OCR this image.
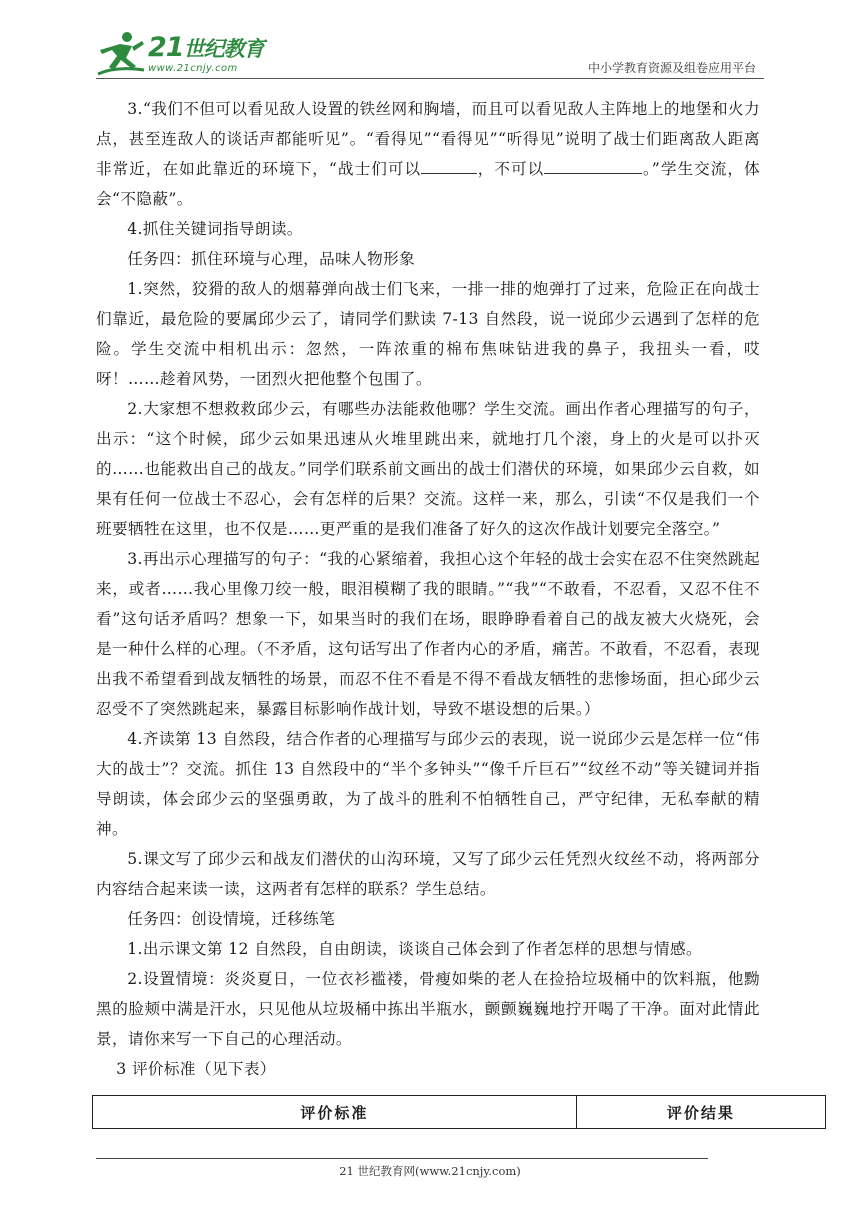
21世纪教育
www.21cnjy.com	中小学教育资源及组卷应用平台

3.“我们不但可以看见敌人设置的铁丝网和胸墙，而且可以看见敌人主阵地上的地堡和火力点，甚至连敌人的谈话声都能听见”。“看得见”“看得见”“听得见”说明了战士们距离敌人距离非常近，在如此靠近的环境下，“战士们可以	，不可以	。”学生交流，体会“不隐蔽”。

4.抓住关键词指导朗读。

任务四：抓住环境与心理，品味人物形象

1.突然，狡猾的敌人的烟幕弹向战士们飞来，一排一排的炮弹打了过来，危险正在向战士们靠近，最危险的要属邱少云了，请同学们默读 7-13 自然段，说一说邱少云遇到了怎样的危险。学生交流中相机出示：忽然，一阵浓重的棉布焦味钻进我的鼻子，我扭头一看，哎呀！……趁着风势，一团烈火把他整个包围了。

2.大家想不想救救邱少云，有哪些办法能救他哪？学生交流。画出作者心理描写的句子，出示：“这个时候，邱少云如果迅速从火堆里跳出来，就地打几个滚，身上的火是可以扑灭的……也能救出自己的战友。”同学们联系前文画出的战士们潜伏的环境，如果邱少云自救，如果有任何一位战士不忍心，会有怎样的后果？交流。这样一来，那么，引读“不仅是我们一个班要牺牲在这里，也不仅是……更严重的是我们准备了好久的这次作战计划要完全落空。”

3.再出示心理描写的句子：“我的心紧缩着，我担心这个年轻的战士会实在忍不住突然跳起来，或者……我心里像刀绞一般，眼泪模糊了我的眼睛。”“我”“不敢看，不忍看，又忍不住不看”这句话矛盾吗？想象一下，如果当时的我们在场，眼睁睁看着自己的战友被大火烧死，会是一种什么样的心理。（不矛盾，这句话写出了作者内心的矛盾，痛苦。不敢看，不忍看，表现出我不希望看到战友牺牲的场景，而忍不住不看是不得不看战友牺牲的悲惨场面，担心邱少云忍受不了突然跳起来，暴露目标影响作战计划，导致不堪设想的后果。）

4.齐读第 13 自然段，结合作者的心理描写与邱少云的表现，说一说邱少云是怎样一位“伟大的战士”？交流。抓住 13 自然段中的“半个多钟头”“像千斤巨石”“纹丝不动”等关键词并指导朗读，体会邱少云的坚强勇敢，为了战斗的胜利不怕牺牲自己，严守纪律，无私奉献的精神。

5.课文写了邱少云和战友们潜伏的山沟环境，又写了邱少云任凭烈火纹丝不动，将两部分内容结合起来读一读，这两者有怎样的联系？学生总结。

任务四：创设情境，迁移练笔

1.出示课文第 12 自然段，自由朗读，谈谈自己体会到了作者怎样的思想与情感。

2.设置情境：炎炎夏日，一位衣衫褴褛，骨瘦如柴的老人在捡拾垃圾桶中的饮料瓶，他黝黑的脸颊中满是汗水，只见他从垃圾桶中拣出半瓶水，颤颤巍巍地拧开喝了干净。面对此情此景，请你来写一下自己的心理活动。

3 评价标准（见下表）

评价标准	评价结果
21 世纪教育网(www.21cnjy.com)
